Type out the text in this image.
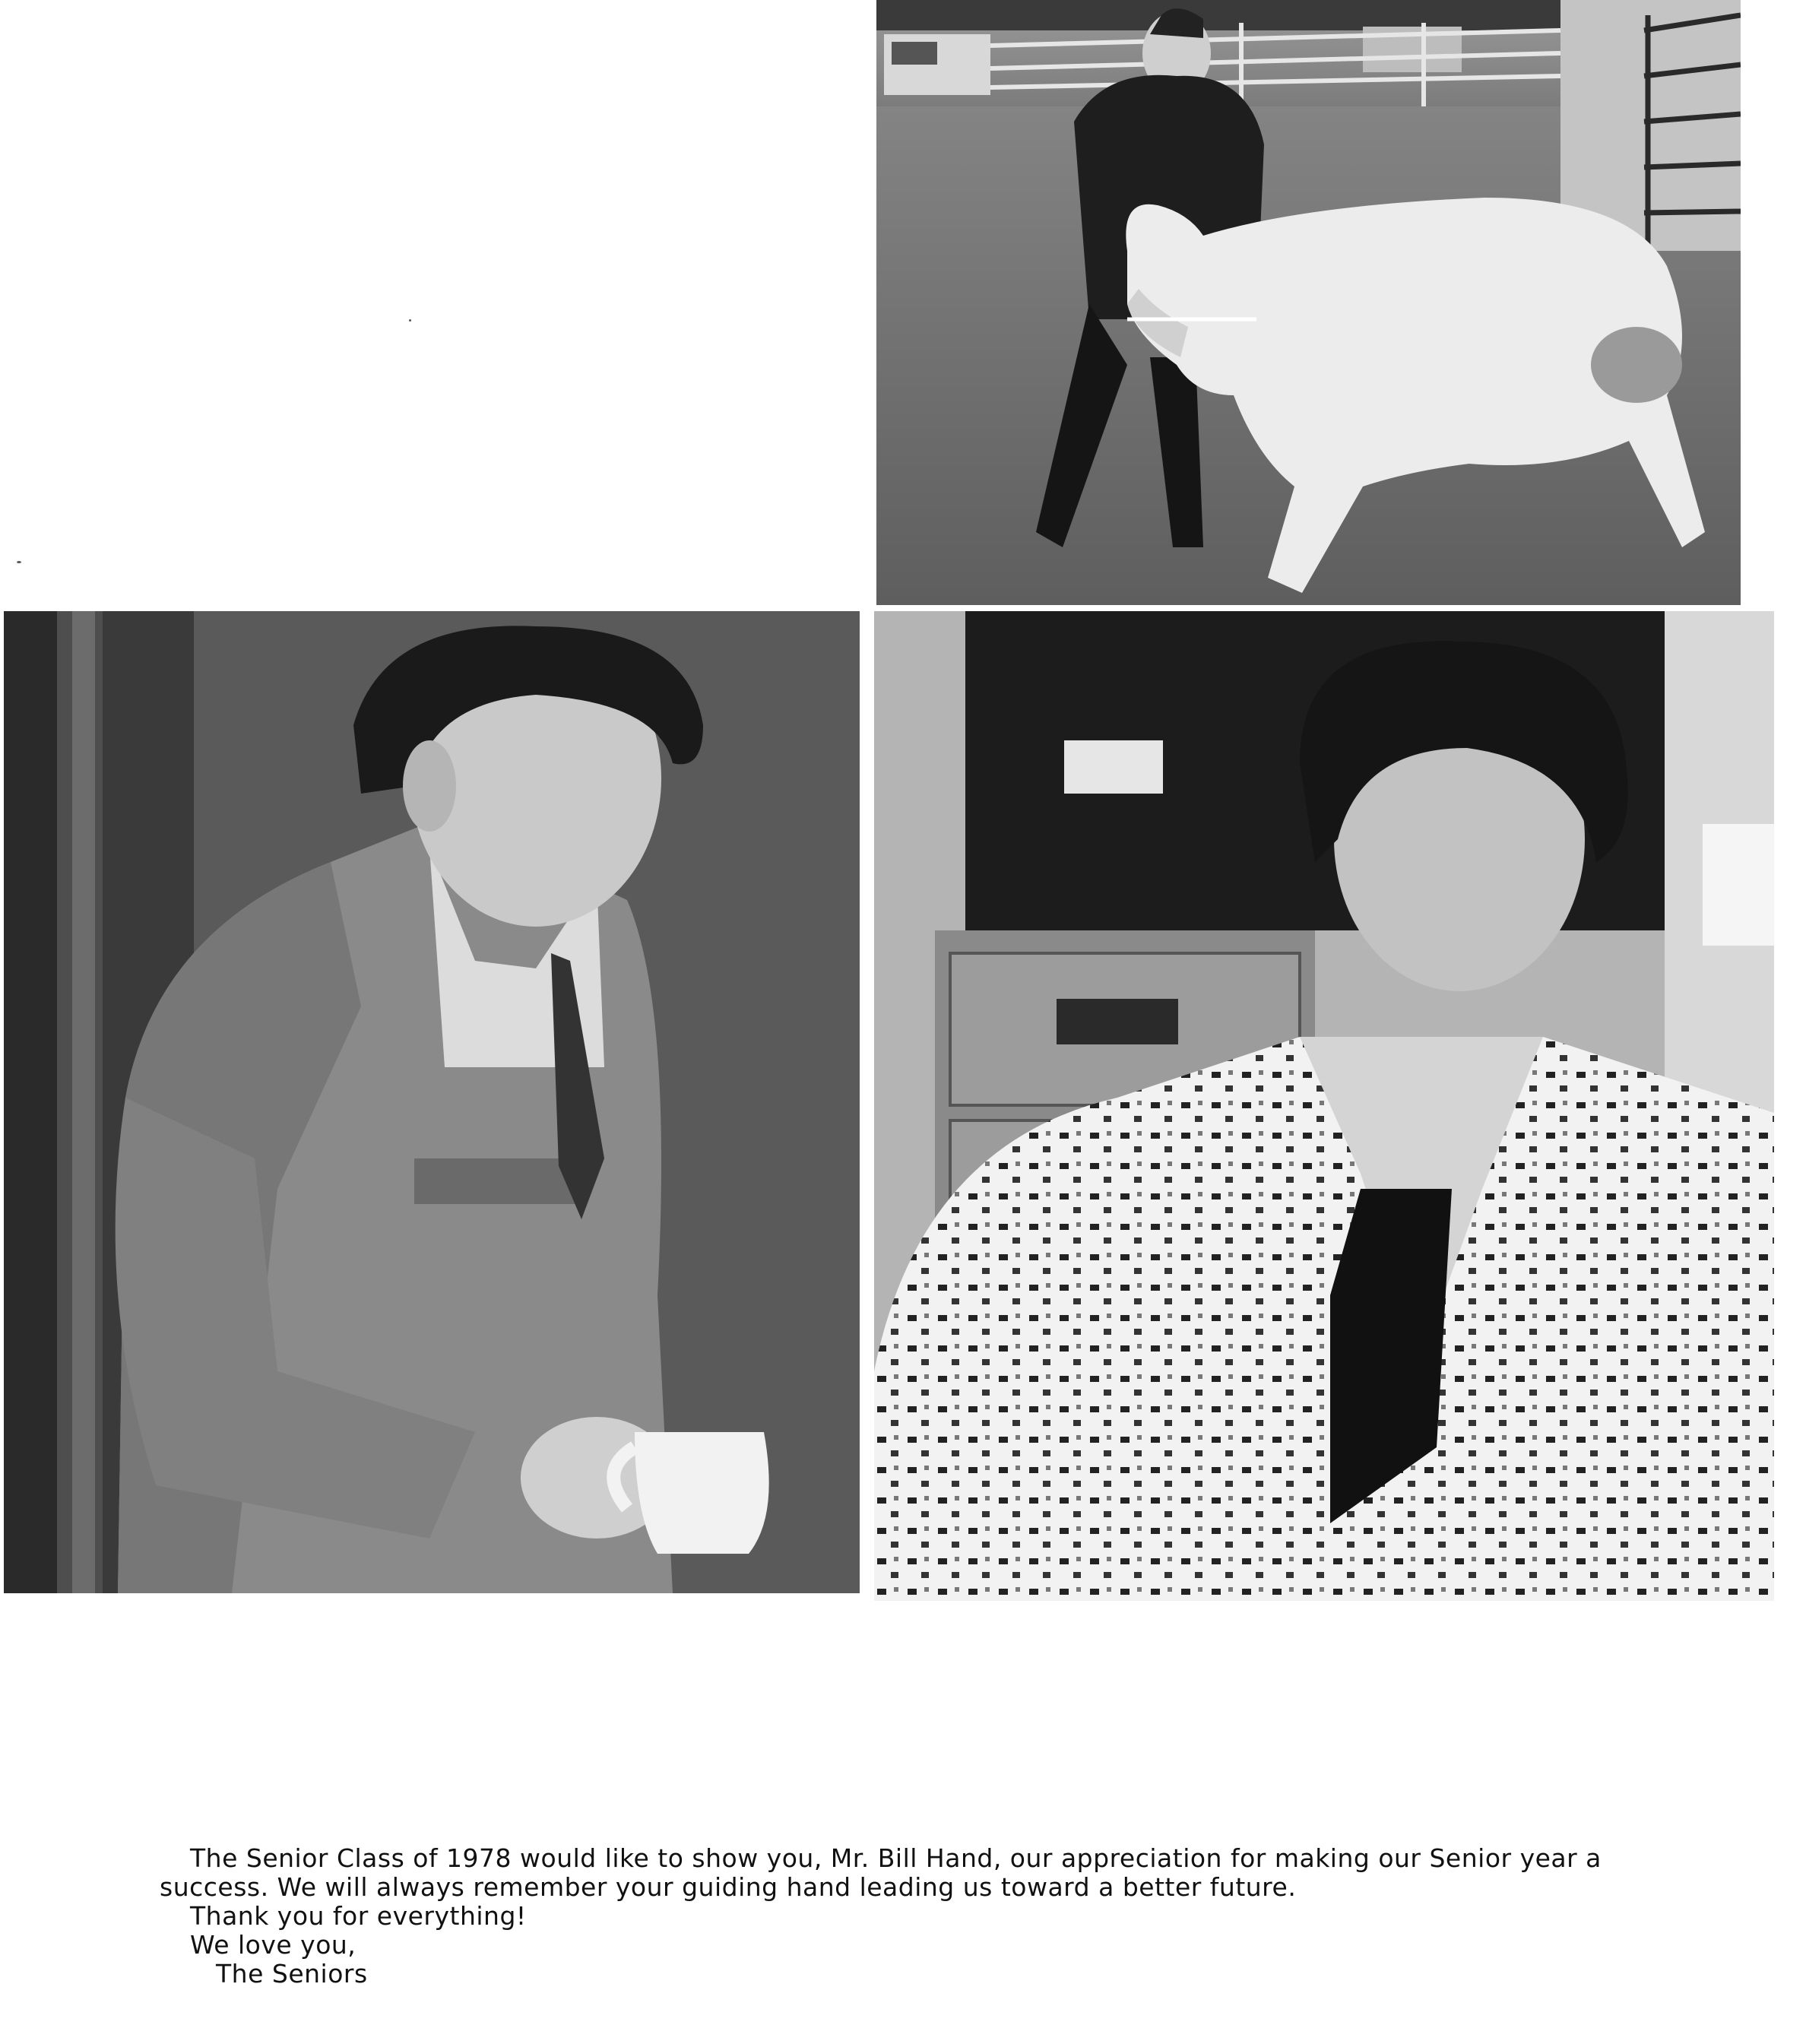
The Senior Class of 1978 would like to show you, Mr. Bill Hand, our appreciation for making our Senior year a success. We will always remember your guiding hand leading us toward a better future.

Thank you for everything!

We love you,

The Seniors
